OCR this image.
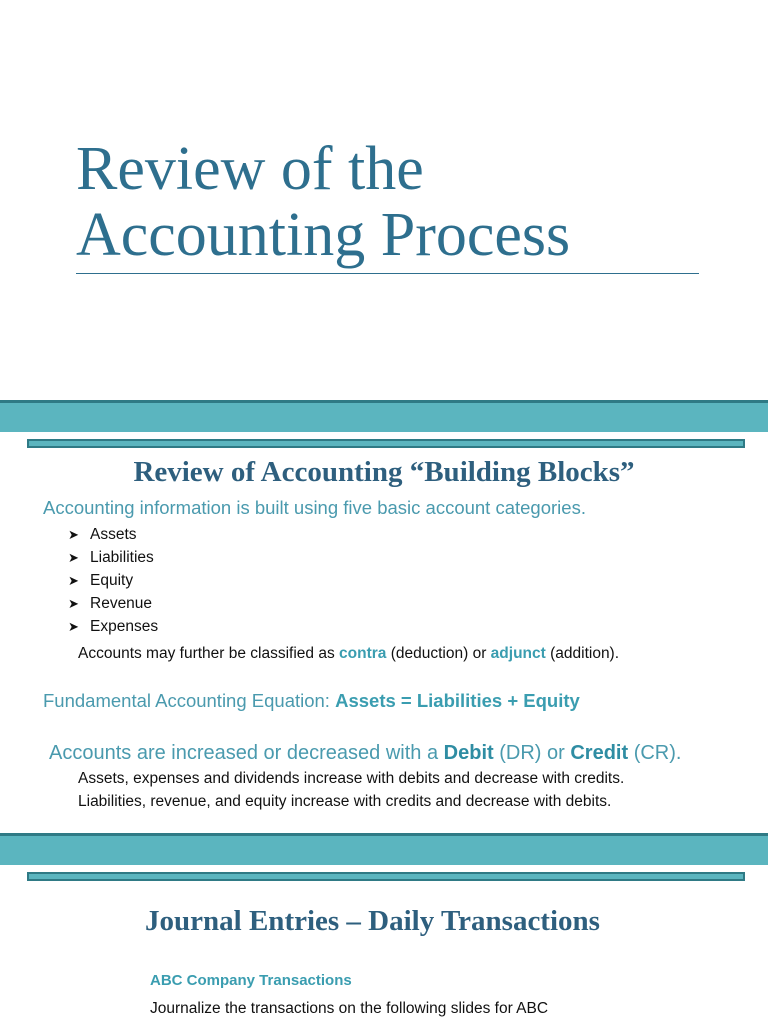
Review of the
Accounting Process
Review of Accounting “Building Blocks”
Accounting information is built using five basic account categories.
➤ Assets
➤ Liabilities
➤ Equity
➤ Revenue
➤ Expenses
Accounts may further be classified as contra (deduction) or adjunct (addition).
Fundamental Accounting Equation: Assets = Liabilities + Equity
Accounts are increased or decreased with a Debit (DR) or Credit (CR).
Assets, expenses and dividends increase with debits and decrease with credits.
Liabilities, revenue, and equity increase with credits and decrease with debits.
Journal Entries – Daily Transactions
ABC Company Transactions
Journalize the transactions on the following slides for ABC
